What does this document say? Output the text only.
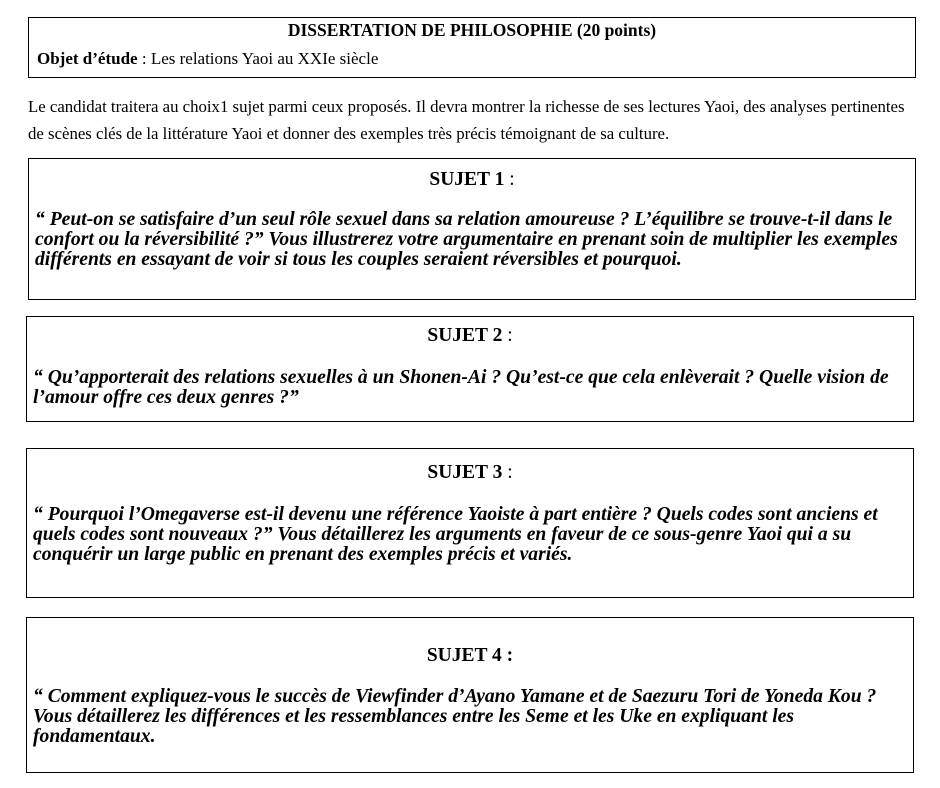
DISSERTATION DE PHILOSOPHIE (20 points)
Objet d’étude : Les relations Yaoi au XXIe siècle
Le candidat traitera au choix1 sujet parmi ceux proposés. Il devra montrer la richesse de ses lectures Yaoi, des analyses pertinentes de scènes clés de la littérature Yaoi et donner des exemples très précis témoignant de sa culture.
SUJET 1 :
“ Peut-on se satisfaire d’un seul rôle sexuel dans sa relation amoureuse ? L’équilibre se trouve-t-il dans le confort ou la réversibilité ?” Vous illustrerez votre argumentaire en prenant soin de multiplier les exemples différents en essayant de voir si tous les couples seraient réversibles et pourquoi.
SUJET 2 :
“ Qu’apporterait des relations sexuelles à un Shonen-Ai ? Qu’est-ce que cela enlèverait ? Quelle vision de l’amour offre ces deux genres ?”
SUJET 3 :
“ Pourquoi l’Omegaverse est-il devenu une référence Yaoiste à part entière ? Quels codes sont anciens et quels codes sont nouveaux ?” Vous détaillerez les arguments en faveur de ce sous-genre Yaoi qui a su conquérir un large public en prenant des exemples précis et variés.
SUJET 4 :
“ Comment expliquez-vous le succès de Viewfinder d’Ayano Yamane et de Saezuru Tori de Yoneda Kou ? Vous détaillerez les différences et les ressemblances entre les Seme et les Uke en expliquant les fondamentaux.
